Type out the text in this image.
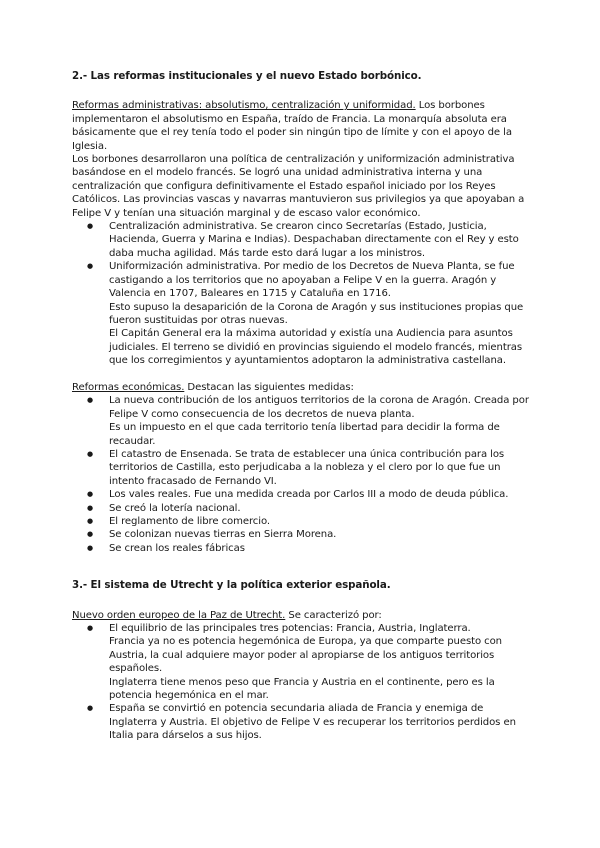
2.- Las reformas institucionales y el nuevo Estado borbónico.

Reformas administrativas: absolutismo, centralización y uniformidad. Los borbones implementaron el absolutismo en España, traído de Francia. La monarquía absoluta era básicamente que el rey tenía todo el poder sin ningún tipo de límite y con el apoyo de la Iglesia.

Los borbones desarrollaron una política de centralización y uniformización administrativa basándose en el modelo francés. Se logró una unidad administrativa interna y una centralización que configura definitivamente el Estado español iniciado por los Reyes Católicos. Las provincias vascas y navarras mantuvieron sus privilegios ya que apoyaban a Felipe V y tenían una situación marginal y de escaso valor económico.

● Centralización administrativa. Se crearon cinco Secretarías (Estado, Justicia, Hacienda, Guerra y Marina e Indias). Despachaban directamente con el Rey y esto daba mucha agilidad. Más tarde esto dará lugar a los ministros.
● Uniformización administrativa. Por medio de los Decretos de Nueva Planta, se fue castigando a los territorios que no apoyaban a Felipe V en la guerra. Aragón y Valencia en 1707, Baleares en 1715 y Cataluña en 1716.
Esto supuso la desaparición de la Corona de Aragón y sus instituciones propias que fueron sustituidas por otras nuevas.
El Capitán General era la máxima autoridad y existía una Audiencia para asuntos judiciales. El terreno se dividió en provincias siguiendo el modelo francés, mientras que los corregimientos y ayuntamientos adoptaron la administrativa castellana.

Reformas económicas. Destacan las siguientes medidas:

● La nueva contribución de los antiguos territorios de la corona de Aragón. Creada por Felipe V como consecuencia de los decretos de nueva planta.
Es un impuesto en el que cada territorio tenía libertad para decidir la forma de recaudar.
● El catastro de Ensenada. Se trata de establecer una única contribución para los territorios de Castilla, esto perjudicaba a la nobleza y el clero por lo que fue un intento fracasado de Fernando VI.
● Los vales reales. Fue una medida creada por Carlos III a modo de deuda pública.
● Se creó la lotería nacional.
● El reglamento de libre comercio.
● Se colonizan nuevas tierras en Sierra Morena.
● Se crean los reales fábricas
3.- El sistema de Utrecht y la política exterior española.

Nuevo orden europeo de la Paz de Utrecht. Se caracterizó por:

● El equilibrio de las principales tres potencias: Francia, Austria, Inglaterra.
Francia ya no es potencia hegemónica de Europa, ya que comparte puesto con Austria, la cual adquiere mayor poder al apropiarse de los antiguos territorios españoles.
Inglaterra tiene menos peso que Francia y Austria en el continente, pero es la potencia hegemónica en el mar.
● España se convirtió en potencia secundaria aliada de Francia y enemiga de Inglaterra y Austria. El objetivo de Felipe V es recuperar los territorios perdidos en Italia para dárselos a sus hijos.
